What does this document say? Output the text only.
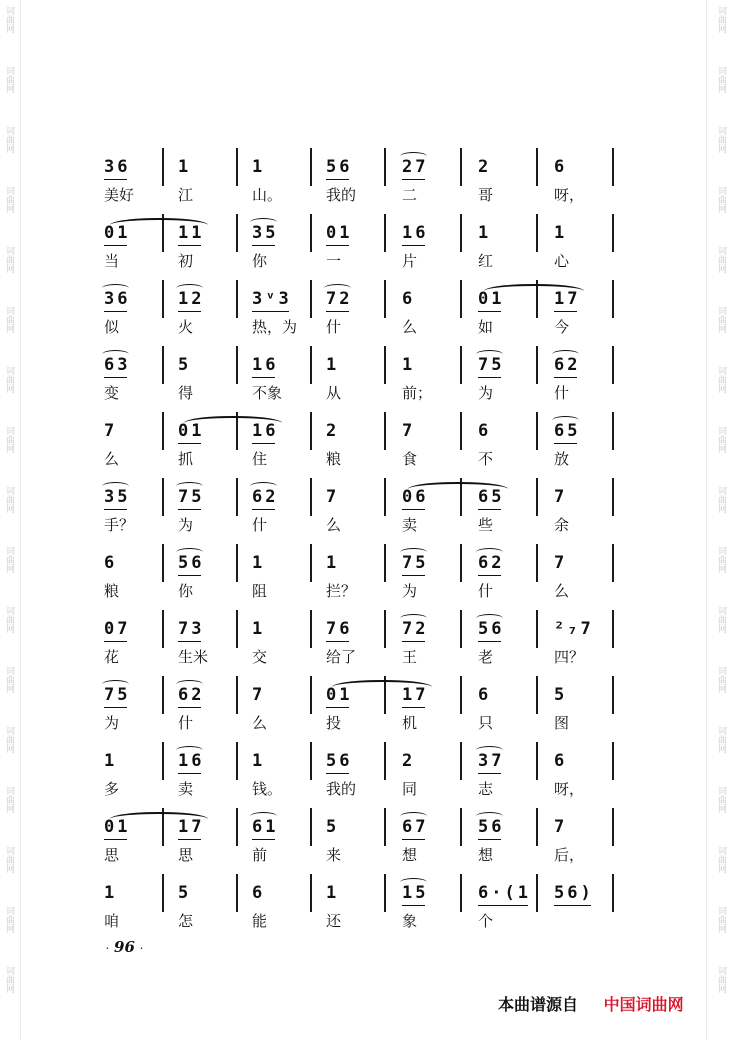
词曲网
词曲网
词曲网
词曲网
词曲网
词曲网
词曲网
词曲网
词曲网
词曲网
词曲网
词曲网
词曲网
词曲网
词曲网
词曲网
词曲网
词曲网
词曲网
词曲网
词曲网
词曲网
词曲网
词曲网
词曲网
词曲网
词曲网
词曲网
词曲网
词曲网
词曲网
词曲网
词曲网
词曲网
36
美好
1
江
1
山。
56
我的
27
二
2
哥
6
呀，
01
当
11
初
35
你
01
一
16
片
1
红
1
心
36
似
12
火
3ᵛ3
热，为
72
什
6
么
01
如
17
今
63
变
5
得
16
不象
1
从
1
前；
75
为
62
什
7
么
01
抓
16
住
2
粮
7
食
6
不
65
放
35
手？
75
为
62
什
7
么
06
卖
65
些
7
余
6
粮
56
你
1
阻
1
拦？
75
为
62
什
7
么
07
花
73
生米
1
交
76
给了
72
王
56
老
²₇7
四？
75
为
62
什
7
么
01
投
17
机
6
只
5
图
1
多
16
卖
1
钱。
56
我的
2
同
37
志
6
呀，
01
思
17
思
61
前
5
来
67
想
56
想
7
后，
1
咱
5
怎
6
能
1
还
15
象
6·(1
个
56)
· 96 ·
本曲谱源自 中国词曲网
